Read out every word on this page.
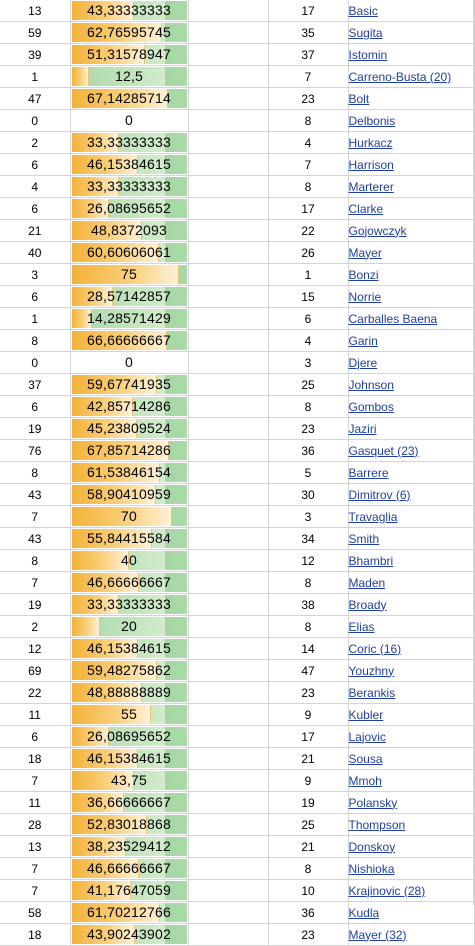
13	43,33333333		17	Basic
59	62,76595745		35	Sugita
39	51,31578947		37	Istomin
1	12,5		7	Carreno-Busta (20)
47	67,14285714		23	Bolt
0	0		8	Delbonis
2	33,33333333		4	Hurkacz
6	46,15384615		7	Harrison
4	33,33333333		8	Marterer
6	26,08695652		17	Clarke
21	48,8372093		22	Gojowczyk
40	60,60606061		26	Mayer
3	75		1	Bonzi
6	28,57142857		15	Norrie
1	14,28571429		6	Carballes Baena
8	66,66666667		4	Garin
0	0		3	Djere
37	59,67741935		25	Johnson
6	42,85714286		8	Gombos
19	45,23809524		23	Jaziri
76	67,85714286		36	Gasquet (23)
8	61,53846154		5	Barrere
43	58,90410959		30	Dimitrov (6)
7	70		3	Travaglia
43	55,84415584		34	Smith
8	40		12	Bhambri
7	46,66666667		8	Maden
19	33,33333333		38	Broady
2	20		8	Elias
12	46,15384615		14	Coric (16)
69	59,48275862		47	Youzhny
22	48,88888889		23	Berankis
11	55		9	Kubler
6	26,08695652		17	Lajovic
18	46,15384615		21	Sousa
7	43,75		9	Mmoh
11	36,66666667		19	Polansky
28	52,83018868		25	Thompson
13	38,23529412		21	Donskoy
7	46,66666667		8	Nishioka
7	41,17647059		10	Krajinovic (28)
58	61,70212766		36	Kudla
18	43,90243902		23	Mayer (32)
